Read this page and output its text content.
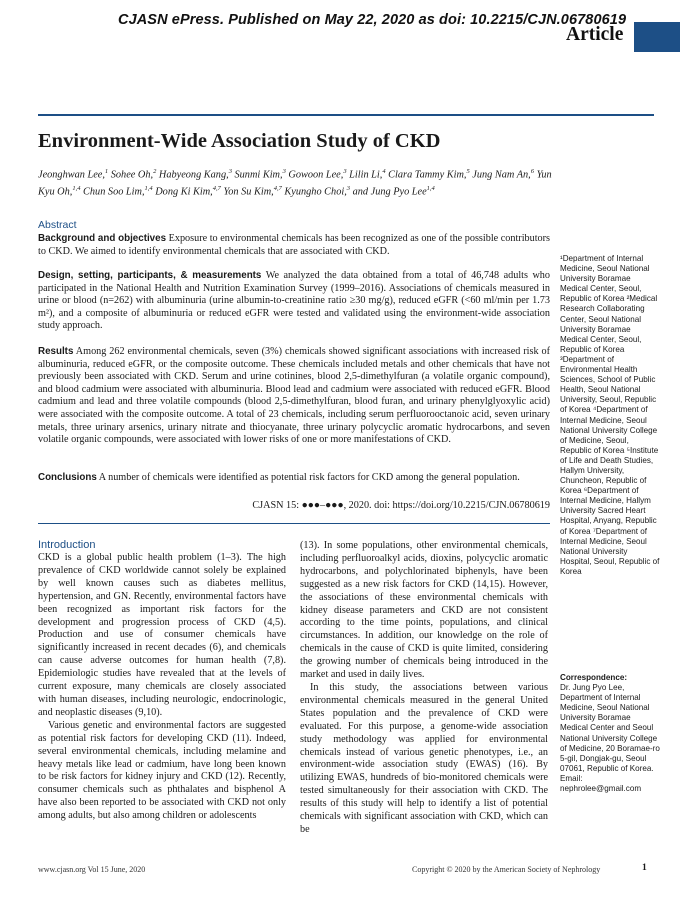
CJASN ePress. Published on May 22, 2020 as doi: 10.2215/CJN.06780619
Article
Environment-Wide Association Study of CKD
Jeonghwan Lee,$^1$ Sohee Oh,$^2$ Habyeong Kang,$^3$ Sunmi Kim,$^3$ Gowoon Lee,$^3$ Lilin Li,$^4$ Clara Tammy Kim,$^5$ Jung Nam An,$^6$ Yun Kyu Oh,$^{1,4}$ Chun Soo Lim,$^{1,4}$ Dong Ki Kim,$^{4,7}$ Yon Su Kim,$^{4,7}$ Kyungho Choi,$^3$ and Jung Pyo Lee$^{1,4}$
Abstract
Background and objectives Exposure to environmental chemicals has been recognized as one of the possible contributors to CKD. We aimed to identify environmental chemicals that are associated with CKD.
Design, setting, participants, & measurements We analyzed the data obtained from a total of 46,748 adults who participated in the National Health and Nutrition Examination Survey (1999–2016). Associations of chemicals measured in urine or blood (n=262) with albuminuria (urine albumin-to-creatinine ratio ≥30 mg/g), reduced eGFR (<60 ml/min per 1.73 m²), and a composite of albuminuria or reduced eGFR were tested and validated using the environment-wide association study approach.
Results Among 262 environmental chemicals, seven (3%) chemicals showed significant associations with increased risk of albuminuria, reduced eGFR, or the composite outcome. These chemicals included metals and other chemicals that have not previously been associated with CKD. Serum and urine cotinines, blood 2,5-dimethylfuran (a volatile organic compound), and blood cadmium were associated with albuminuria. Blood lead and cadmium were associated with reduced eGFR. Blood cadmium and lead and three volatile compounds (blood 2,5-dimethylfuran, blood furan, and urinary phenylglyoxylic acid) were associated with the composite outcome. A total of 23 chemicals, including serum perfluorooctanoic acid, seven urinary metals, three urinary arsenics, urinary nitrate and thiocyanate, three urinary polycyclic aromatic hydrocarbons, and seven volatile organic compounds, were associated with lower risks of one or more manifestations of CKD.
Conclusions A number of chemicals were identified as potential risk factors for CKD among the general population.
CJASN 15: ●●●–●●●, 2020. doi: https://doi.org/10.2215/CJN.06780619
¹Department of Internal Medicine, Seoul National University Boramae Medical Center, Seoul, Republic of Korea ²Medical Research Collaborating Center, Seoul National University Boramae Medical Center, Seoul, Republic of Korea ³Department of Environmental Health Sciences, School of Public Health, Seoul National University, Seoul, Republic of Korea ⁴Department of Internal Medicine, Seoul National University College of Medicine, Seoul, Republic of Korea ⁵Institute of Life and Death Studies, Hallym University, Chuncheon, Republic of Korea ⁶Department of Internal Medicine, Hallym University Sacred Heart Hospital, Anyang, Republic of Korea ⁷Department of Internal Medicine, Seoul National University Hospital, Seoul, Republic of Korea
Correspondence:
Dr. Jung Pyo Lee, Department of Internal Medicine, Seoul National University Boramae Medical Center and Seoul National University College of Medicine, 20 Boramae-ro 5-gil, Dongjak-gu, Seoul 07061, Republic of Korea. Email: nephrolee@gmail.com
Introduction

CKD is a global public health problem (1–3). The high prevalence of CKD worldwide cannot solely be explained by well known causes such as diabetes mellitus, hypertension, and GN. Recently, environmental factors have been recognized as important risk factors for the development and progression process of CKD (4,5). Production and use of consumer chemicals have significantly increased in recent decades (6), and chemicals can cause adverse outcomes for human health (7,8). Epidemiologic studies have revealed that at the levels of current exposure, many chemicals are closely associated with human diseases, including neurologic, endocrinologic, and neoplastic diseases (9,10).

Various genetic and environmental factors are suggested as potential risk factors for developing CKD (11). Indeed, several environmental chemicals, including melamine and heavy metals like lead or cadmium, have long been known to be risk factors for kidney injury and CKD (12). Recently, consumer chemicals such as phthalates and bisphenol A have also been reported to be associated with CKD not only among adults, but also among children or adolescents

(13). In some populations, other environmental chemicals, including perfluoroalkyl acids, dioxins, polycyclic aromatic hydrocarbons, and polychlorinated biphenyls, have been suggested as a new risk factors for CKD (14,15). However, the associations of these environmental chemicals with kidney disease parameters and CKD are not consistent according to the time points, populations, and clinical circumstances. In addition, our knowledge on the role of chemicals in the cause of CKD is quite limited, considering the growing number of chemicals being introduced in the market and used in daily lives.

In this study, the associations between various environmental chemicals measured in the general United States population and the prevalence of CKD were evaluated. For this purpose, a genome-wide association study methodology was applied for environmental chemicals instead of various genetic phenotypes, i.e., an environment-wide association study (EWAS) (16). By utilizing EWAS, hundreds of bio-monitored chemicals were tested simultaneously for their association with CKD. The results of this study will help to identify a list of potential chemicals with significant association with CKD, which can be

www.cjasn.org Vol 15 June, 2020	Copyright © 2020 by the American Society of Nephrology	1
